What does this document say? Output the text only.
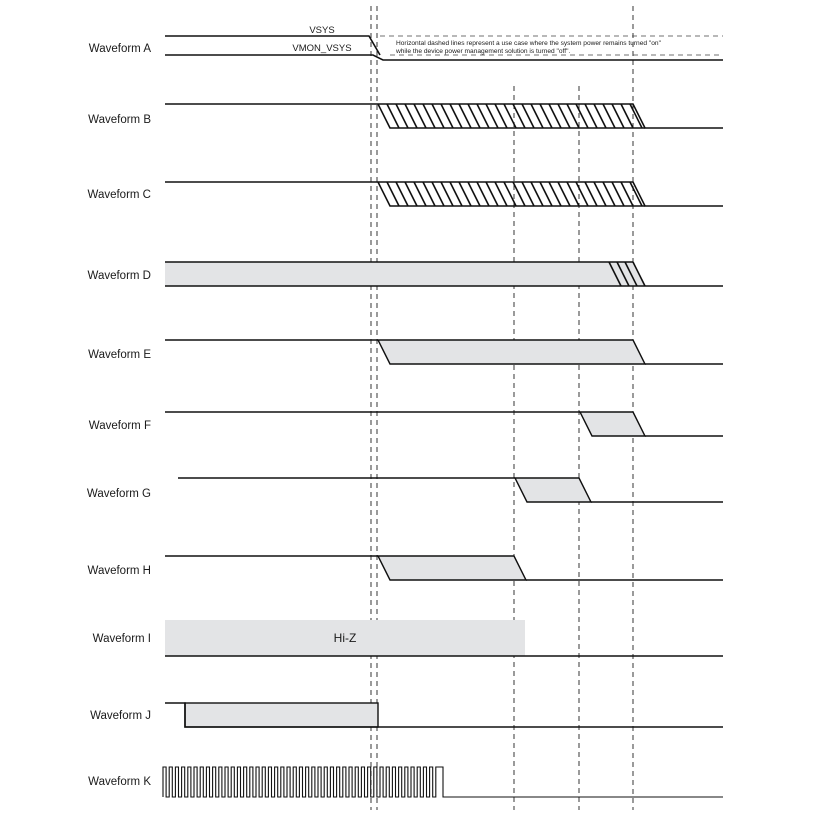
Waveform A
Waveform B
Waveform C
Waveform D
Waveform E
Waveform F
Waveform G
Waveform H
Waveform I
Waveform J
Waveform K
VSYS
VMON_VSYS	Horizontal dashed lines represent a use case where the system power remains turned "on"
while the device power management solution is turned "off".
Hi-Z
